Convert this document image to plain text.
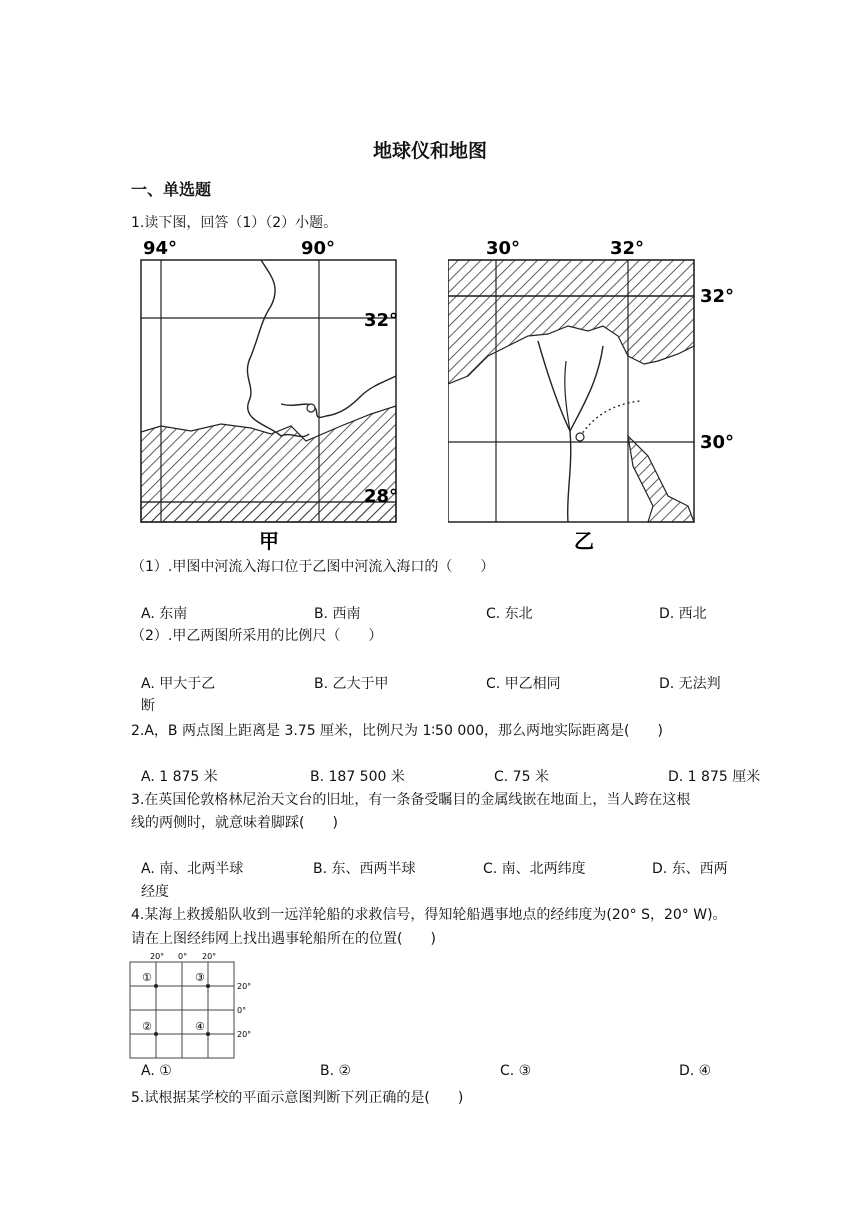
地球仪和地图
一、单选题
1.读下图，回答（1）（2）小题。
94°	90°
32°
28°
甲
30°	32°
32°
30°
乙
（1）.甲图中河流入海口位于乙图中河流入海口的（　　）
A. 东南	B. 西南	C. 东北	D. 西北
（2）.甲乙两图所采用的比例尺（　　）
A. 甲大于乙	B. 乙大于甲	C. 甲乙相同	D. 无法判
断
2.A，B 两点图上距离是 3.75 厘米，比例尺为 1∶50 000，那么两地实际距离是(　　)
A. 1 875 米	B. 187 500 米	C. 75 米	D. 1 875 厘米
3.在英国伦敦格林尼治天文台的旧址，有一条备受瞩目的金属线嵌在地面上，当人跨在这根
线的两侧时，就意味着脚踩(　　)
A. 南、北两半球	B. 东、西两半球	C. 南、北两纬度	D. 东、西两
经度
4.某海上救援船队收到一远洋轮船的求救信号，得知轮船遇事地点的经纬度为(20° S，20° W)。
请在上图经纬网上找出遇事轮船所在的位置(　　)
20° 0° 20°
20°
0°
20°
①	③
②	④
A. ①	B. ②	C. ③	D. ④
5.试根据某学校的平面示意图判断下列正确的是(　　)
